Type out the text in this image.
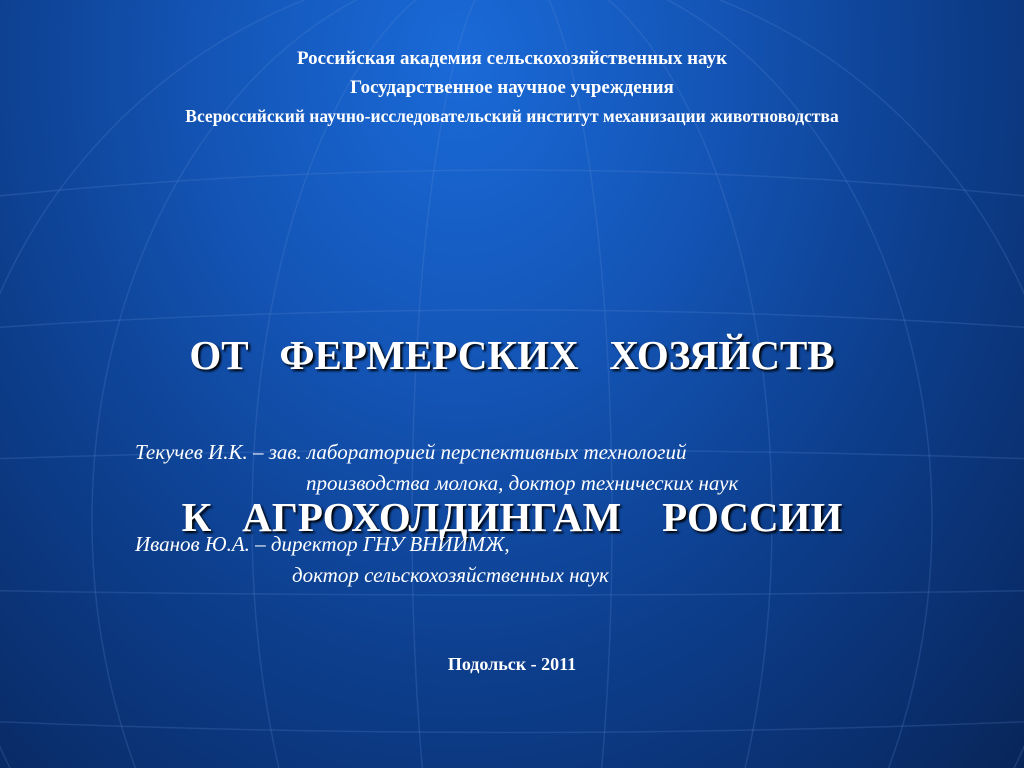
Российская академия сельскохозяйственных наук
Государственное научное учреждения
Всероссийский научно-исследовательский институт механизации животноводства

ОТ   ФЕРМЕРСКИХ   ХОЗЯЙСТВ

К   АГРОХОЛДИНГАМ    РОССИИ

Текучев И.К. – зав. лабораторией перспективных технологий
производства молока, доктор технических наук
Иванов Ю.А. – директор ГНУ ВНИИМЖ,
доктор сельскохозяйственных наук
Подольск - 2011
